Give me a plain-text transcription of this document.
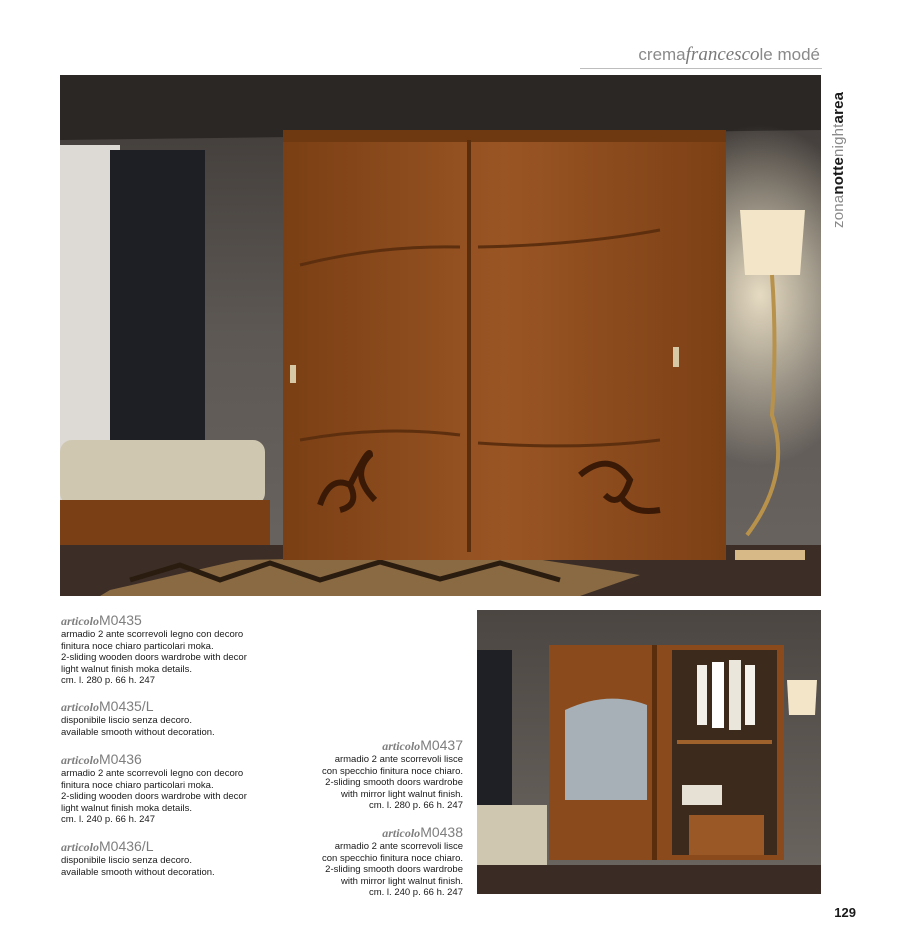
cremafrancescole modé
zonanottenightarea
articoloM0435
armadio 2 ante scorrevoli legno con decoro
finitura noce chiaro particolari moka.
2-sliding wooden doors wardrobe with decor
light walnut finish moka details.
cm. l. 280 p. 66 h. 247
articoloM0435/L
disponibile liscio senza decoro.
available smooth without decoration.
articoloM0436
armadio 2 ante scorrevoli legno con decoro
finitura noce chiaro particolari moka.
2-sliding wooden doors wardrobe with decor
light walnut finish moka details.
cm. l. 240 p. 66 h. 247
articoloM0436/L
disponibile liscio senza decoro.
available smooth without decoration.
articoloM0437
armadio 2 ante scorrevoli lisce
con specchio finitura noce chiaro.
2-sliding smooth doors wardrobe
with mirror light walnut finish.
cm. l. 280 p. 66 h. 247
articoloM0438
armadio 2 ante scorrevoli lisce
con specchio finitura noce chiaro.
2-sliding smooth doors wardrobe
with mirror light walnut finish.
cm. l. 240 p. 66 h. 247
129
